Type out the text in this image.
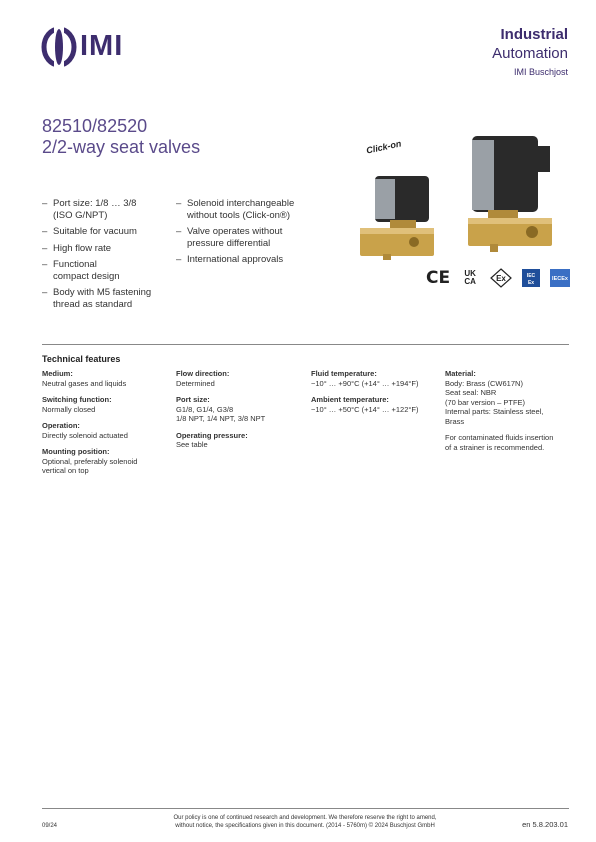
IMI	Industrial
Automation
IMI Buschjost
82510/82520
2/2-way seat valves
– Port size: 1/8 … 3/8
(ISO G/NPT)
– Suitable for vacuum
– High flow rate
– Functional
compact design
– Body with M5 fastening
thread as standard
– Solenoid interchangeable
without tools (Click-on®)
– Valve operates without
pressure differential
– International approvals
Click-on
CE	UK
CA	Ex	IEC
Ex
IECEx
Technical features
Medium:
Neutral gases and liquids
Switching function:
Normally closed
Operation:
Directly solenoid actuated
Mounting position:
Optional, preferably solenoid
vertical on top
Flow direction:
Determined
Port size:
G1/8, G1/4, G3/8
1/8 NPT, 1/4 NPT, 3/8 NPT
Operating pressure:
See table
Fluid temperature:
−10° … +90°C (+14° … +194°F)
Ambient temperature:
−10° … +50°C (+14° … +122°F)
Material:
Body: Brass (CW617N)
Seat seal: NBR
(70 bar version – PTFE)
Internal parts: Stainless steel,
Brass
For contaminated fluids insertion
of a strainer is recommended.
09/24
Our policy is one of continued research and development. We therefore reserve the right to amend,
without notice, the specifications given in this document. (2014 - 5760m) © 2024 Buschjost GmbH	en 5.8.203.01
